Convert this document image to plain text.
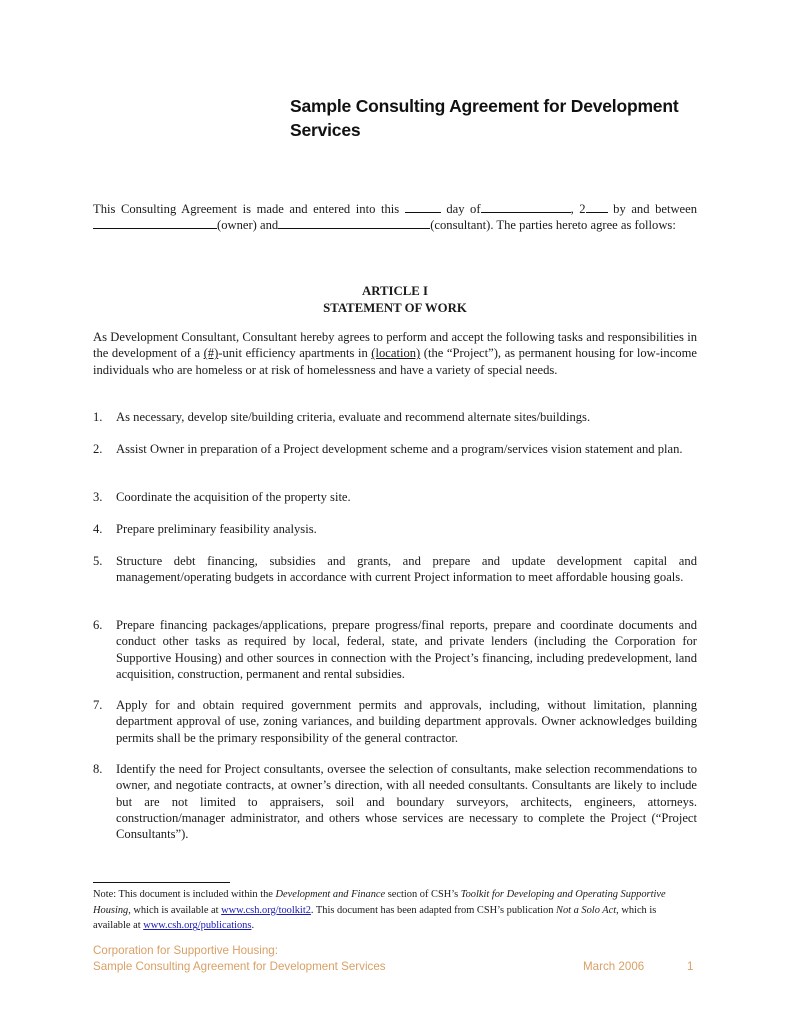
Sample Consulting Agreement for Development Services
This Consulting Agreement is made and entered into this	day of	, 2 by and between(owner) and	(consultant). The parties hereto agree as follows:
ARTICLE I
STATEMENT OF WORK
As Development Consultant, Consultant hereby agrees to perform and accept the following tasks and responsibilities in the development of a (#)-unit efficiency apartments in (location) (the “Project”), as permanent housing for low-income individuals who are homeless or at risk of homelessness and have a variety of special needs.
1.	As necessary, develop site/building criteria, evaluate and recommend alternate sites/buildings.
2.	Assist Owner in preparation of a Project development scheme and a program/services vision statement and plan.
3.	Coordinate the acquisition of the property site.
4.	Prepare preliminary feasibility analysis.
5.	Structure debt financing, subsidies and grants, and prepare and update development capital and management/operating budgets in accordance with current Project information to meet affordable housing goals.
6.	Prepare financing packages/applications, prepare progress/final reports, prepare and coordinate documents and conduct other tasks as required by local, federal, state, and private lenders (including the Corporation for Supportive Housing) and other sources in connection with the Project’s financing, including predevelopment, land acquisition, construction, permanent and rental subsidies.
7.	Apply for and obtain required government permits and approvals, including, without limitation, planning department approval of use, zoning variances, and building department approvals. Owner acknowledges building permits shall be the primary responsibility of the general contractor.
8.	Identify the need for Project consultants, oversee the selection of consultants, make selection recommendations to owner, and negotiate contracts, at owner’s direction, with all needed consultants. Consultants are likely to include but are not limited to appraisers, soil and boundary surveyors, architects, engineers, attorneys. construction/manager administrator, and others whose services are necessary to complete the Project (“Project Consultants”).
Note: This document is included within the Development and Finance section of CSH’s Toolkit for Developing and Operating Supportive Housing, which is available at www.csh.org/toolkit2. This document has been adapted from CSH’s publication Not a Solo Act, which is available at www.csh.org/publications.
Corporation for Supportive Housing:
Sample Consulting Agreement for Development Services	March 2006	1
